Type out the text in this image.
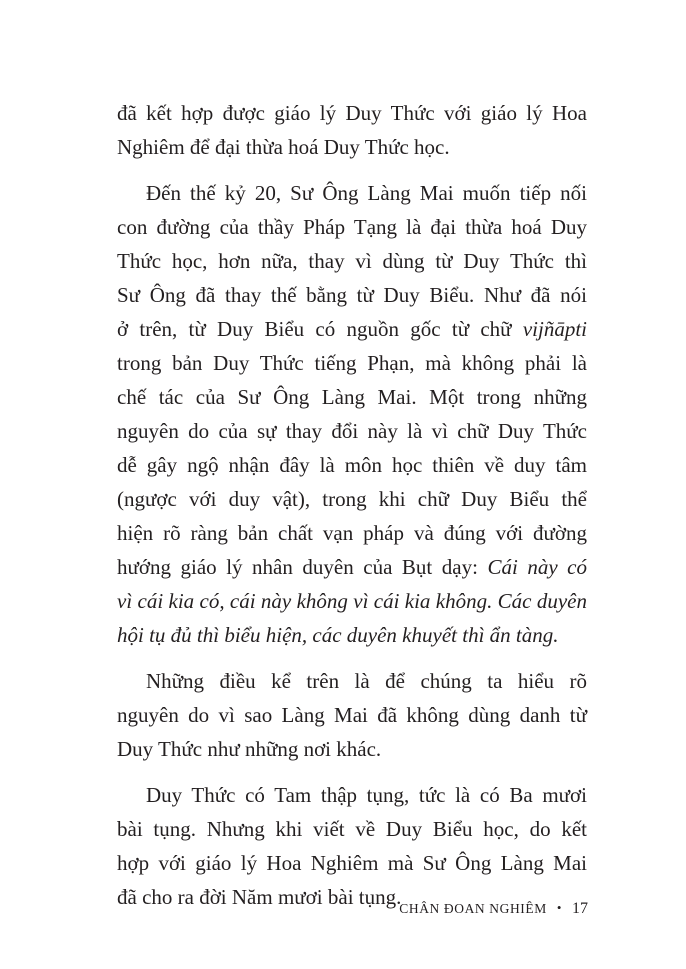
đã kết hợp được giáo lý Duy Thức với giáo lý Hoa
Nghiêm để đại thừa hoá Duy Thức học.
Đến thế kỷ 20, Sư Ông Làng Mai muốn tiếp nối
con đường của thầy Pháp Tạng là đại thừa hoá Duy
Thức học, hơn nữa, thay vì dùng từ Duy Thức thì
Sư Ông đã thay thế bằng từ Duy Biểu. Như đã nói
ở trên, từ Duy Biểu có nguồn gốc từ chữ vijñāpti
trong bản Duy Thức tiếng Phạn, mà không phải là
chế tác của Sư Ông Làng Mai. Một trong những
nguyên do của sự thay đổi này là vì chữ Duy Thức
dễ gây ngộ nhận đây là môn học thiên về duy tâm
(ngược với duy vật), trong khi chữ Duy Biểu thể
hiện rõ ràng bản chất vạn pháp và đúng với đường
hướng giáo lý nhân duyên của Bụt dạy: Cái này có
vì cái kia có, cái này không vì cái kia không. Các duyên
hội tụ đủ thì biểu hiện, các duyên khuyết thì ẩn tàng.
Những điều kể trên là để chúng ta hiểu rõ
nguyên do vì sao Làng Mai đã không dùng danh từ
Duy Thức như những nơi khác.
Duy Thức có Tam thập tụng, tức là có Ba mươi
bài tụng. Nhưng khi viết về Duy Biểu học, do kết
hợp với giáo lý Hoa Nghiêm mà Sư Ông Làng Mai
đã cho ra đời Năm mươi bài tụng.
CHÂN ĐOAN NGHIÊM • 17
